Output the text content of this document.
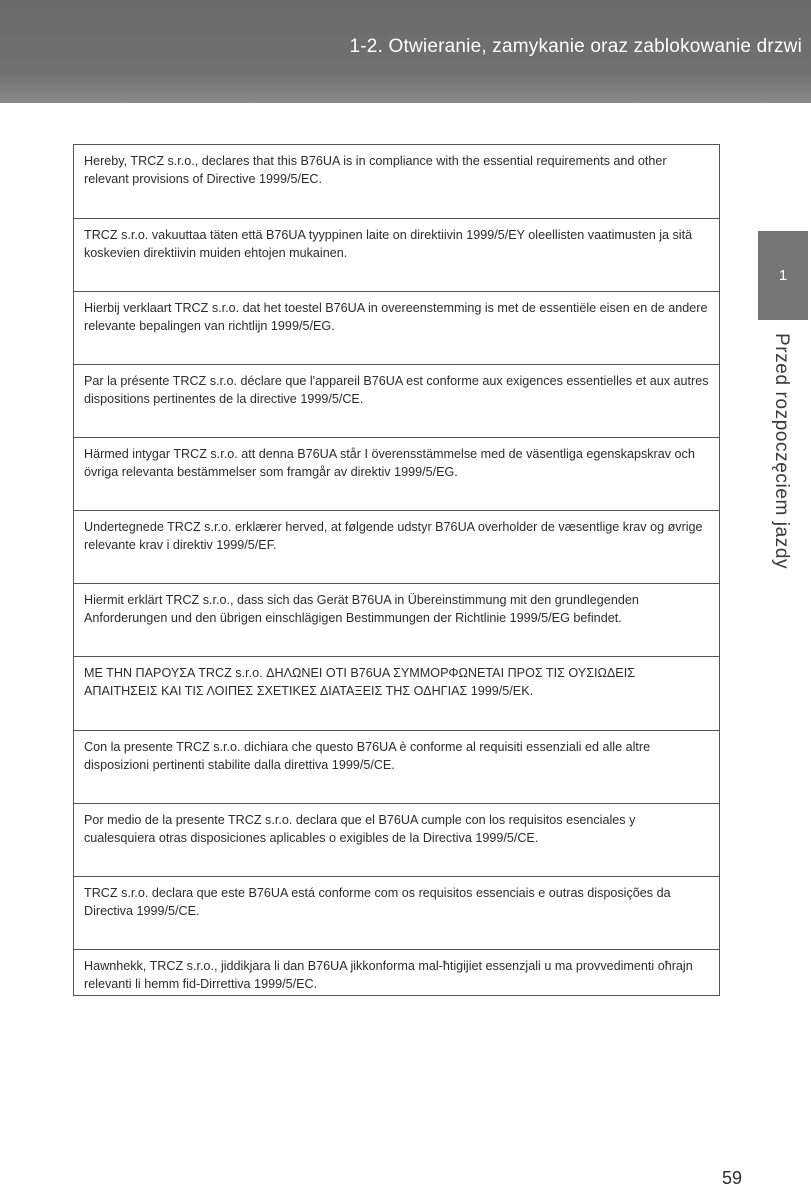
1-2. Otwieranie, zamykanie oraz zablokowanie drzwi
1
Przed rozpoczęciem jazdy
Hereby, TRCZ s.r.o., declares that this B76UA is in compliance with the essential requirements and other relevant provisions of Directive 1999/5/EC.
TRCZ s.r.o. vakuuttaa täten että B76UA tyyppinen laite on direktiivin 1999/5/EY oleellisten vaatimusten ja sitä koskevien direktiivin muiden ehtojen mukainen.
Hierbij verklaart TRCZ s.r.o. dat het toestel B76UA in overeenstemming is met de essentiële eisen en de andere relevante bepalingen van richtlijn 1999/5/EG.
Par la présente TRCZ s.r.o. déclare que l'appareil B76UA est conforme aux exigences essentielles et aux autres dispositions pertinentes de la directive 1999/5/CE.
Härmed intygar TRCZ s.r.o. att denna B76UA står I överensstämmelse med de väsentliga egenskapskrav och övriga relevanta bestämmelser som framgår av direktiv 1999/5/EG.
Undertegnede TRCZ s.r.o. erklærer herved, at følgende udstyr B76UA overholder de væsentlige krav og øvrige relevante krav i direktiv 1999/5/EF.
Hiermit erklärt TRCZ s.r.o., dass sich das Gerät B76UA in Übereinstimmung mit den grundlegenden Anforderungen und den übrigen einschlägigen Bestimmungen der Richtlinie 1999/5/EG befindet.
ΜΕ ΤΗΝ ΠΑΡΟΥΣΑ TRCZ s.r.o. ΔΗΛΩΝΕΙ ΟΤΙ B76UA ΣΥΜΜΟΡΦΩΝΕΤΑΙ ΠΡΟΣ ΤΙΣ ΟΥΣΙΩΔΕΙΣ ΑΠΑΙΤΗΣΕΙΣ ΚΑΙ ΤΙΣ ΛΟΙΠΕΣ ΣΧΕΤΙΚΕΣ ΔΙΑΤΑΞΕΙΣ ΤΗΣ ΟΔΗΓΙΑΣ 1999/5/ΕΚ.
Con la presente TRCZ s.r.o. dichiara che questo B76UA è conforme al requisiti essenziali ed alle altre disposizioni pertinenti stabilite dalla direttiva 1999/5/CE.
Por medio de la presente TRCZ s.r.o. declara que el B76UA cumple con los requisitos esenciales y cualesquiera otras disposiciones aplicables o exigibles de la Directiva 1999/5/CE.
TRCZ s.r.o. declara que este B76UA está conforme com os requisitos essenciais e outras disposições da Directiva 1999/5/CE.
Hawnhekk, TRCZ s.r.o., jiddikjara li dan B76UA jikkonforma mal-ħtigijiet essenzjali u ma provvedimenti oħrajn relevanti li hemm fid-Dirrettiva 1999/5/EC.
59
